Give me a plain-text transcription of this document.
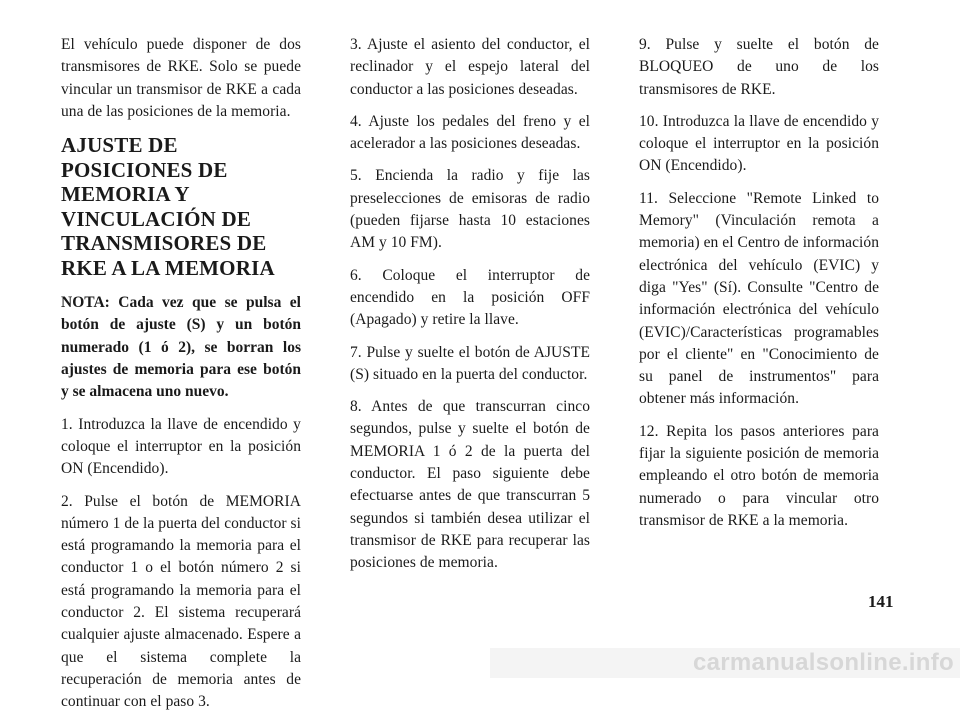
El vehículo puede disponer de dos transmisores de RKE. Solo se puede vincular un transmisor de RKE a cada una de las posiciones de la memoria.

AJUSTE DE POSICIONES DE MEMORIA Y VINCULACIÓN DE TRANSMISORES DE RKE A LA MEMORIA

NOTA: Cada vez que se pulsa el botón de ajuste (S) y un botón numerado (1 ó 2), se borran los ajustes de memoria para ese botón y se almacena uno nuevo.

1. Introduzca la llave de encendido y coloque el interruptor en la posición ON (Encendido).

2. Pulse el botón de MEMORIA número 1 de la puerta del conductor si está programando la memoria para el conductor 1 o el botón número 2 si está programando la memoria para el conductor 2. El sistema recuperará cualquier ajuste almacenado. Espere a que el sistema complete la recuperación de memoria antes de continuar con el paso 3.

3. Ajuste el asiento del conductor, el reclinador y el espejo lateral del conductor a las posiciones deseadas.

4. Ajuste los pedales del freno y el acelerador a las posiciones deseadas.

5. Encienda la radio y fije las preselecciones de emisoras de radio (pueden fijarse hasta 10 estaciones AM y 10 FM).

6. Coloque el interruptor de encendido en la posición OFF (Apagado) y retire la llave.

7. Pulse y suelte el botón de AJUSTE (S) situado en la puerta del conductor.

8. Antes de que transcurran cinco segundos, pulse y suelte el botón de MEMORIA 1 ó 2 de la puerta del conductor. El paso siguiente debe efectuarse antes de que transcurran 5 segundos si también desea utilizar el transmisor de RKE para recuperar las posiciones de memoria.

9. Pulse y suelte el botón de BLOQUEO de uno de los transmisores de RKE.

10. Introduzca la llave de encendido y coloque el interruptor en la posición ON (Encendido).

11. Seleccione "Remote Linked to Memory" (Vinculación remota a memoria) en el Centro de información electrónica del vehículo (EVIC) y diga "Yes" (Sí). Consulte "Centro de información electrónica del vehículo (EVIC)/Características programables por el cliente" en "Conocimiento de su panel de instrumentos" para obtener más información.

12. Repita los pasos anteriores para fijar la siguiente posición de memoria empleando el otro botón de memoria numerado o para vincular otro transmisor de RKE a la memoria.

141
carmanualsonline.info
